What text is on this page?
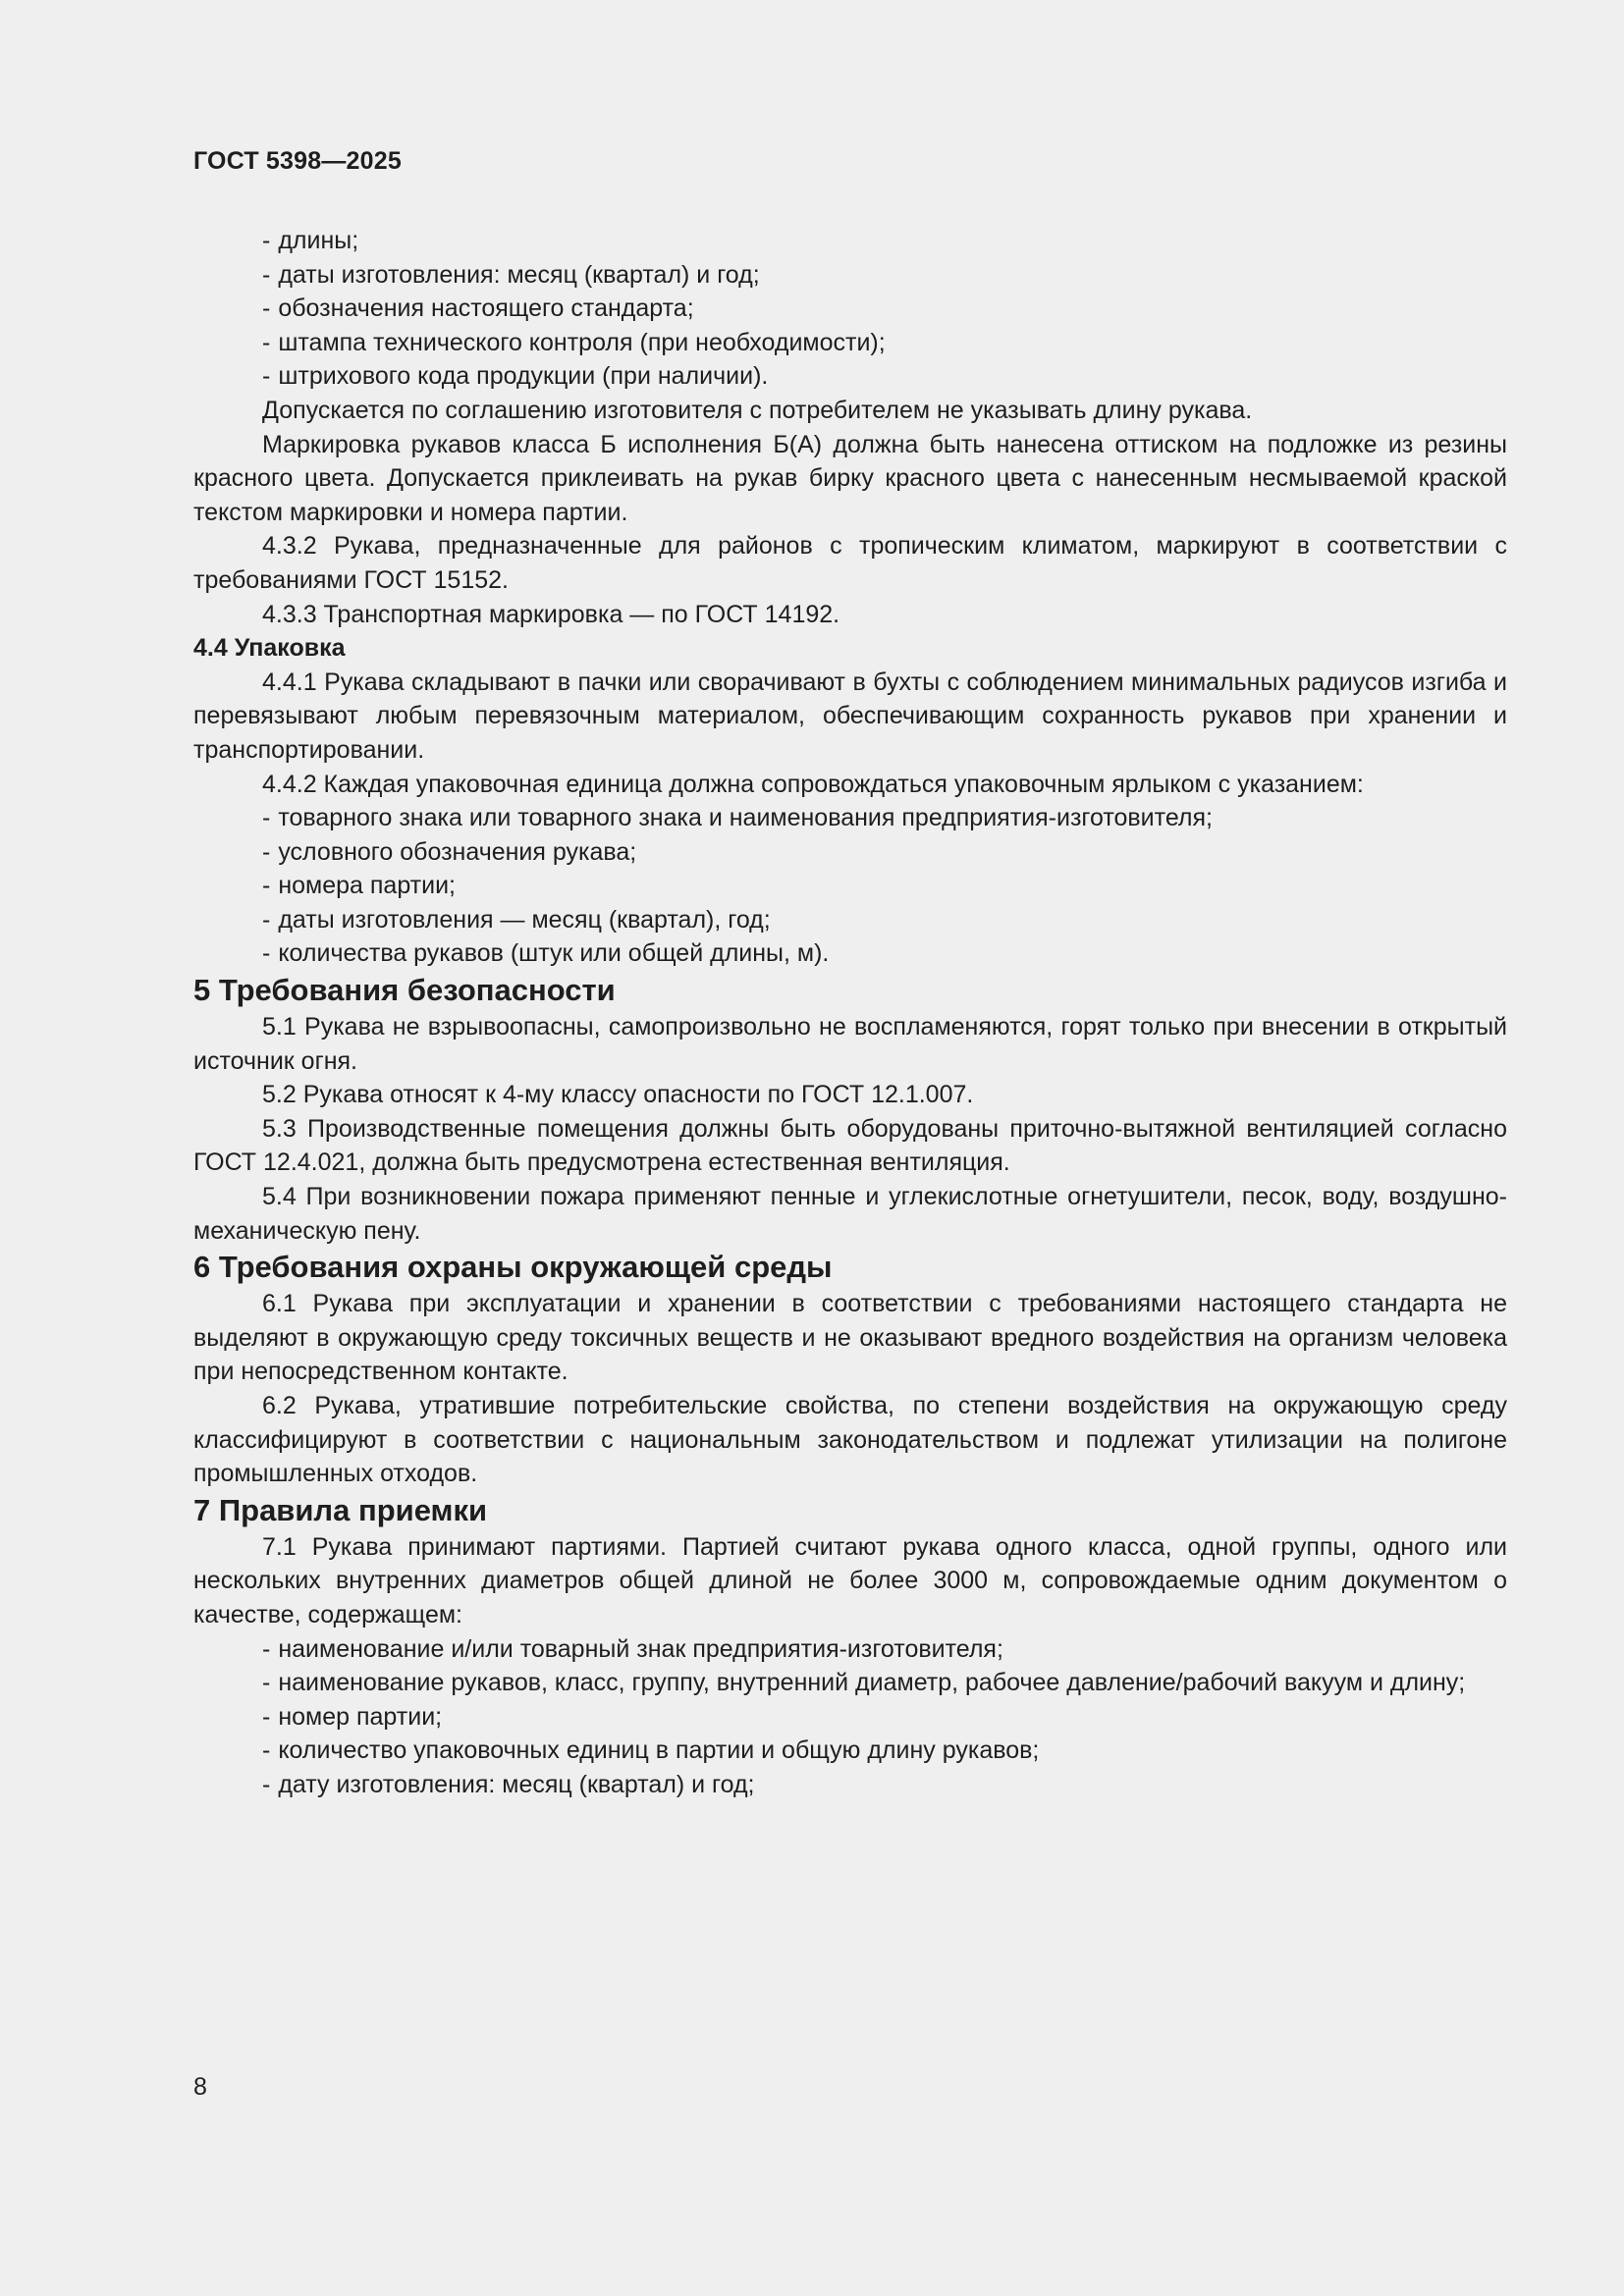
ГОСТ 5398—2025

- длины;

- даты изготовления: месяц (квартал) и год;

- обозначения настоящего стандарта;

- штампа технического контроля (при необходимости);

- штрихового кода продукции (при наличии).

Допускается по соглашению изготовителя с потребителем не указывать длину рукава.

Маркировка рукавов класса Б исполнения Б(А) должна быть нанесена оттиском на подложке из резины красного цвета. Допускается приклеивать на рукав бирку красного цвета с нанесенным несмываемой краской текстом маркировки и номера партии.

4.3.2 Рукава, предназначенные для районов с тропическим климатом, маркируют в соответствии с требованиями ГОСТ 15152.

4.3.3 Транспортная маркировка — по ГОСТ 14192.

4.4 Упаковка

4.4.1 Рукава складывают в пачки или сворачивают в бухты с соблюдением минимальных радиусов изгиба и перевязывают любым перевязочным материалом, обеспечивающим сохранность рукавов при хранении и транспортировании.

4.4.2 Каждая упаковочная единица должна сопровождаться упаковочным ярлыком с указанием:

- товарного знака или товарного знака и наименования предприятия-изготовителя;

- условного обозначения рукава;

- номера партии;

- даты изготовления — месяц (квартал), год;

- количества рукавов (штук или общей длины, м).

5 Требования безопасности

5.1 Рукава не взрывоопасны, самопроизвольно не воспламеняются, горят только при внесении в открытый источник огня.

5.2 Рукава относят к 4-му классу опасности по ГОСТ 12.1.007.

5.3 Производственные помещения должны быть оборудованы приточно-вытяжной вентиляцией согласно ГОСТ 12.4.021, должна быть предусмотрена естественная вентиляция.

5.4 При возникновении пожара применяют пенные и углекислотные огнетушители, песок, воду, воздушно-механическую пену.

6 Требования охраны окружающей среды

6.1 Рукава при эксплуатации и хранении в соответствии с требованиями настоящего стандарта не выделяют в окружающую среду токсичных веществ и не оказывают вредного воздействия на организм человека при непосредственном контакте.

6.2 Рукава, утратившие потребительские свойства, по степени воздействия на окружающую среду классифицируют в соответствии с национальным законодательством и подлежат утилизации на полигоне промышленных отходов.

7 Правила приемки

7.1 Рукава принимают партиями. Партией считают рукава одного класса, одной группы, одного или нескольких внутренних диаметров общей длиной не более 3000 м, сопровождаемые одним документом о качестве, содержащем:

- наименование и/или товарный знак предприятия-изготовителя;

- наименование рукавов, класс, группу, внутренний диаметр, рабочее давление/рабочий вакуум и длину;

- номер партии;

- количество упаковочных единиц в партии и общую длину рукавов;

- дату изготовления: месяц (квартал) и год;

8
